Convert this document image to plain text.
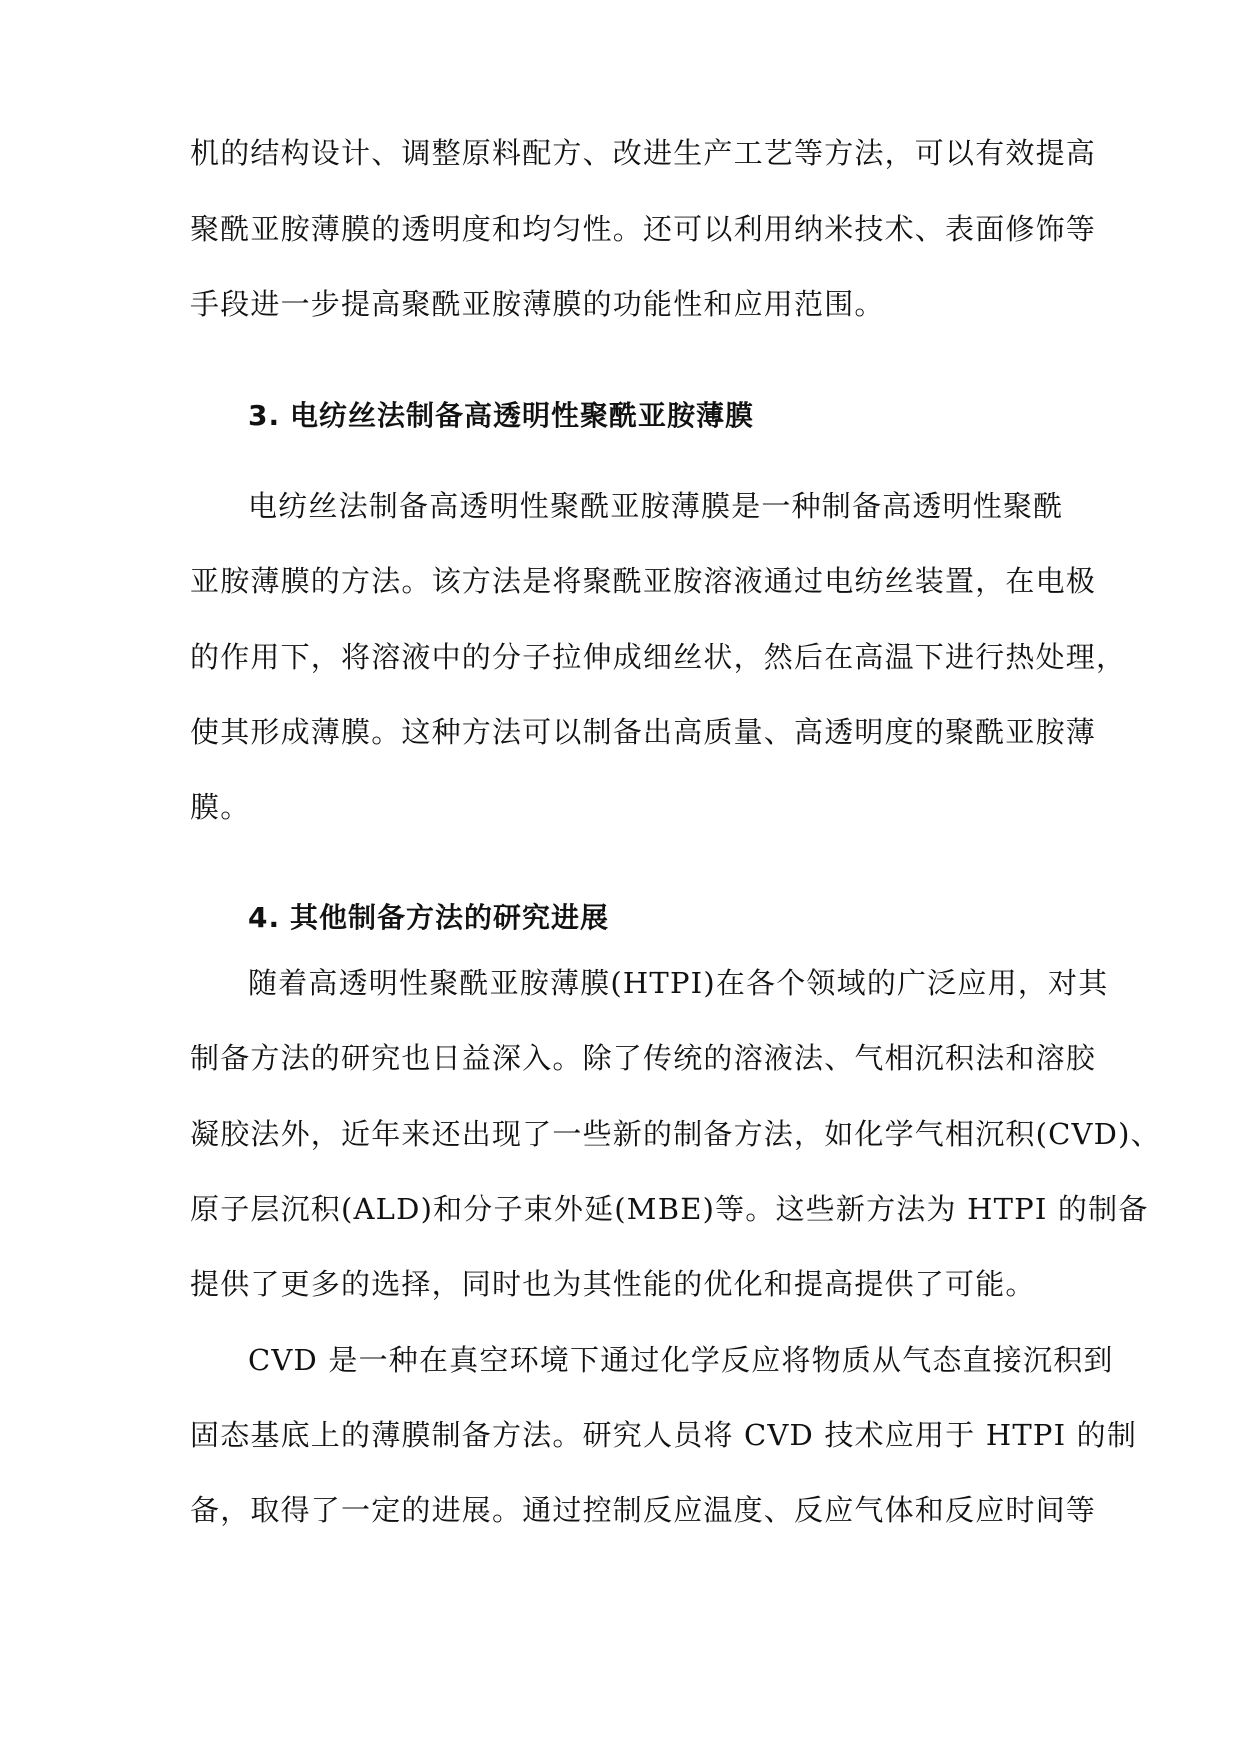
机的结构设计、调整原料配方、改进生产工艺等方法，可以有效提高
聚酰亚胺薄膜的透明度和均匀性。还可以利用纳米技术、表面修饰等
手段进一步提高聚酰亚胺薄膜的功能性和应用范围。
3. 电纺丝法制备高透明性聚酰亚胺薄膜
电纺丝法制备高透明性聚酰亚胺薄膜是一种制备高透明性聚酰
亚胺薄膜的方法。该方法是将聚酰亚胺溶液通过电纺丝装置，在电极
的作用下，将溶液中的分子拉伸成细丝状，然后在高温下进行热处理，
使其形成薄膜。这种方法可以制备出高质量、高透明度的聚酰亚胺薄
膜。
4. 其他制备方法的研究进展
随着高透明性聚酰亚胺薄膜(HTPI)在各个领域的广泛应用，对其
制备方法的研究也日益深入。除了传统的溶液法、气相沉积法和溶胶
凝胶法外，近年来还出现了一些新的制备方法，如化学气相沉积(CVD)、
原子层沉积(ALD)和分子束外延(MBE)等。这些新方法为 HTPI 的制备
提供了更多的选择，同时也为其性能的优化和提高提供了可能。
CVD 是一种在真空环境下通过化学反应将物质从气态直接沉积到
固态基底上的薄膜制备方法。研究人员将 CVD 技术应用于 HTPI 的制
备，取得了一定的进展。通过控制反应温度、反应气体和反应时间等
